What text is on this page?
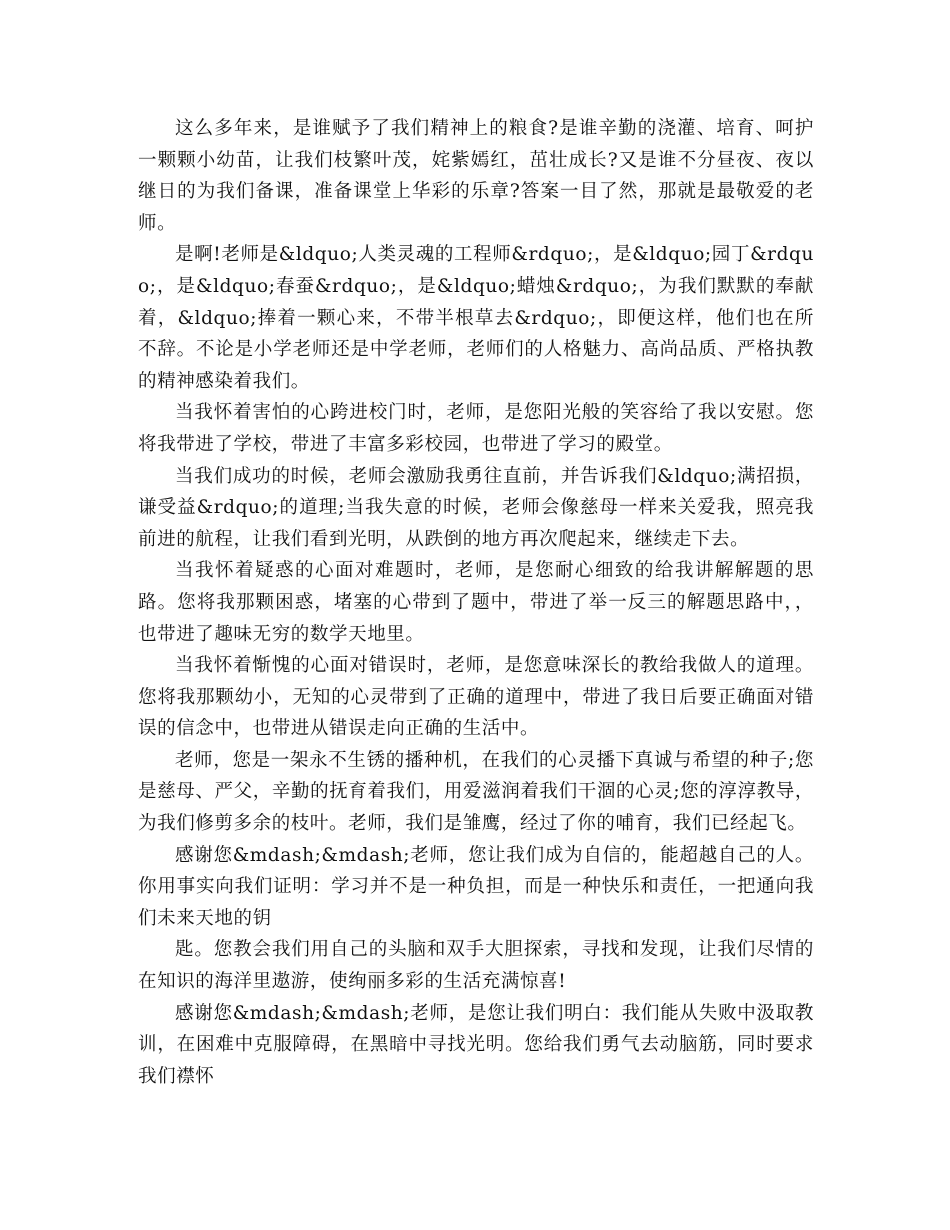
这么多年来，是谁赋予了我们精神上的粮食?是谁辛勤的浇灌、培育、呵护一颗颗小幼苗，让我们枝繁叶茂，姹紫嫣红，茁壮成长?又是谁不分昼夜、夜以继日的为我们备课，准备课堂上华彩的乐章?答案一目了然，那就是最敬爱的老师。

是啊!老师是&ldquo;人类灵魂的工程师&rdquo;，是&ldquo;园丁&rdquo;，是&ldquo;春蚕&rdquo;，是&ldquo;蜡烛&rdquo;，为我们默默的奉献着，&ldquo;捧着一颗心来，不带半根草去&rdquo;，即便这样，他们也在所不辞。不论是小学老师还是中学老师，老师们的人格魅力、高尚品质、严格执教的精神感染着我们。

当我怀着害怕的心跨进校门时，老师，是您阳光般的笑容给了我以安慰。您将我带进了学校，带进了丰富多彩校园，也带进了学习的殿堂。

当我们成功的时候，老师会激励我勇往直前，并告诉我们&ldquo;满招损，谦受益&rdquo;的道理;当我失意的时候，老师会像慈母一样来关爱我，照亮我前进的航程，让我们看到光明，从跌倒的地方再次爬起来，继续走下去。

当我怀着疑惑的心面对难题时，老师，是您耐心细致的给我讲解解题的思路。您将我那颗困惑，堵塞的心带到了题中，带进了举一反三的解题思路中，，也带进了趣味无穷的数学天地里。

当我怀着惭愧的心面对错误时，老师，是您意味深长的教给我做人的道理。您将我那颗幼小，无知的心灵带到了正确的道理中，带进了我日后要正确面对错误的信念中，也带进从错误走向正确的生活中。

老师，您是一架永不生锈的播种机，在我们的心灵播下真诚与希望的种子;您是慈母、严父，辛勤的抚育着我们，用爱滋润着我们干涸的心灵;您的淳淳教导，为我们修剪多余的枝叶。老师，我们是雏鹰，经过了你的哺育，我们已经起飞。

感谢您&mdash;&mdash;老师，您让我们成为自信的，能超越自己的人。你用事实向我们证明：学习并不是一种负担，而是一种快乐和责任，一把通向我们未来天地的钥

匙。您教会我们用自己的头脑和双手大胆探索，寻找和发现，让我们尽情的在知识的海洋里遨游，使绚丽多彩的生活充满惊喜!

感谢您&mdash;&mdash;老师，是您让我们明白：我们能从失败中汲取教训，在困难中克服障碍，在黑暗中寻找光明。您给我们勇气去动脑筋，同时要求我们襟怀
